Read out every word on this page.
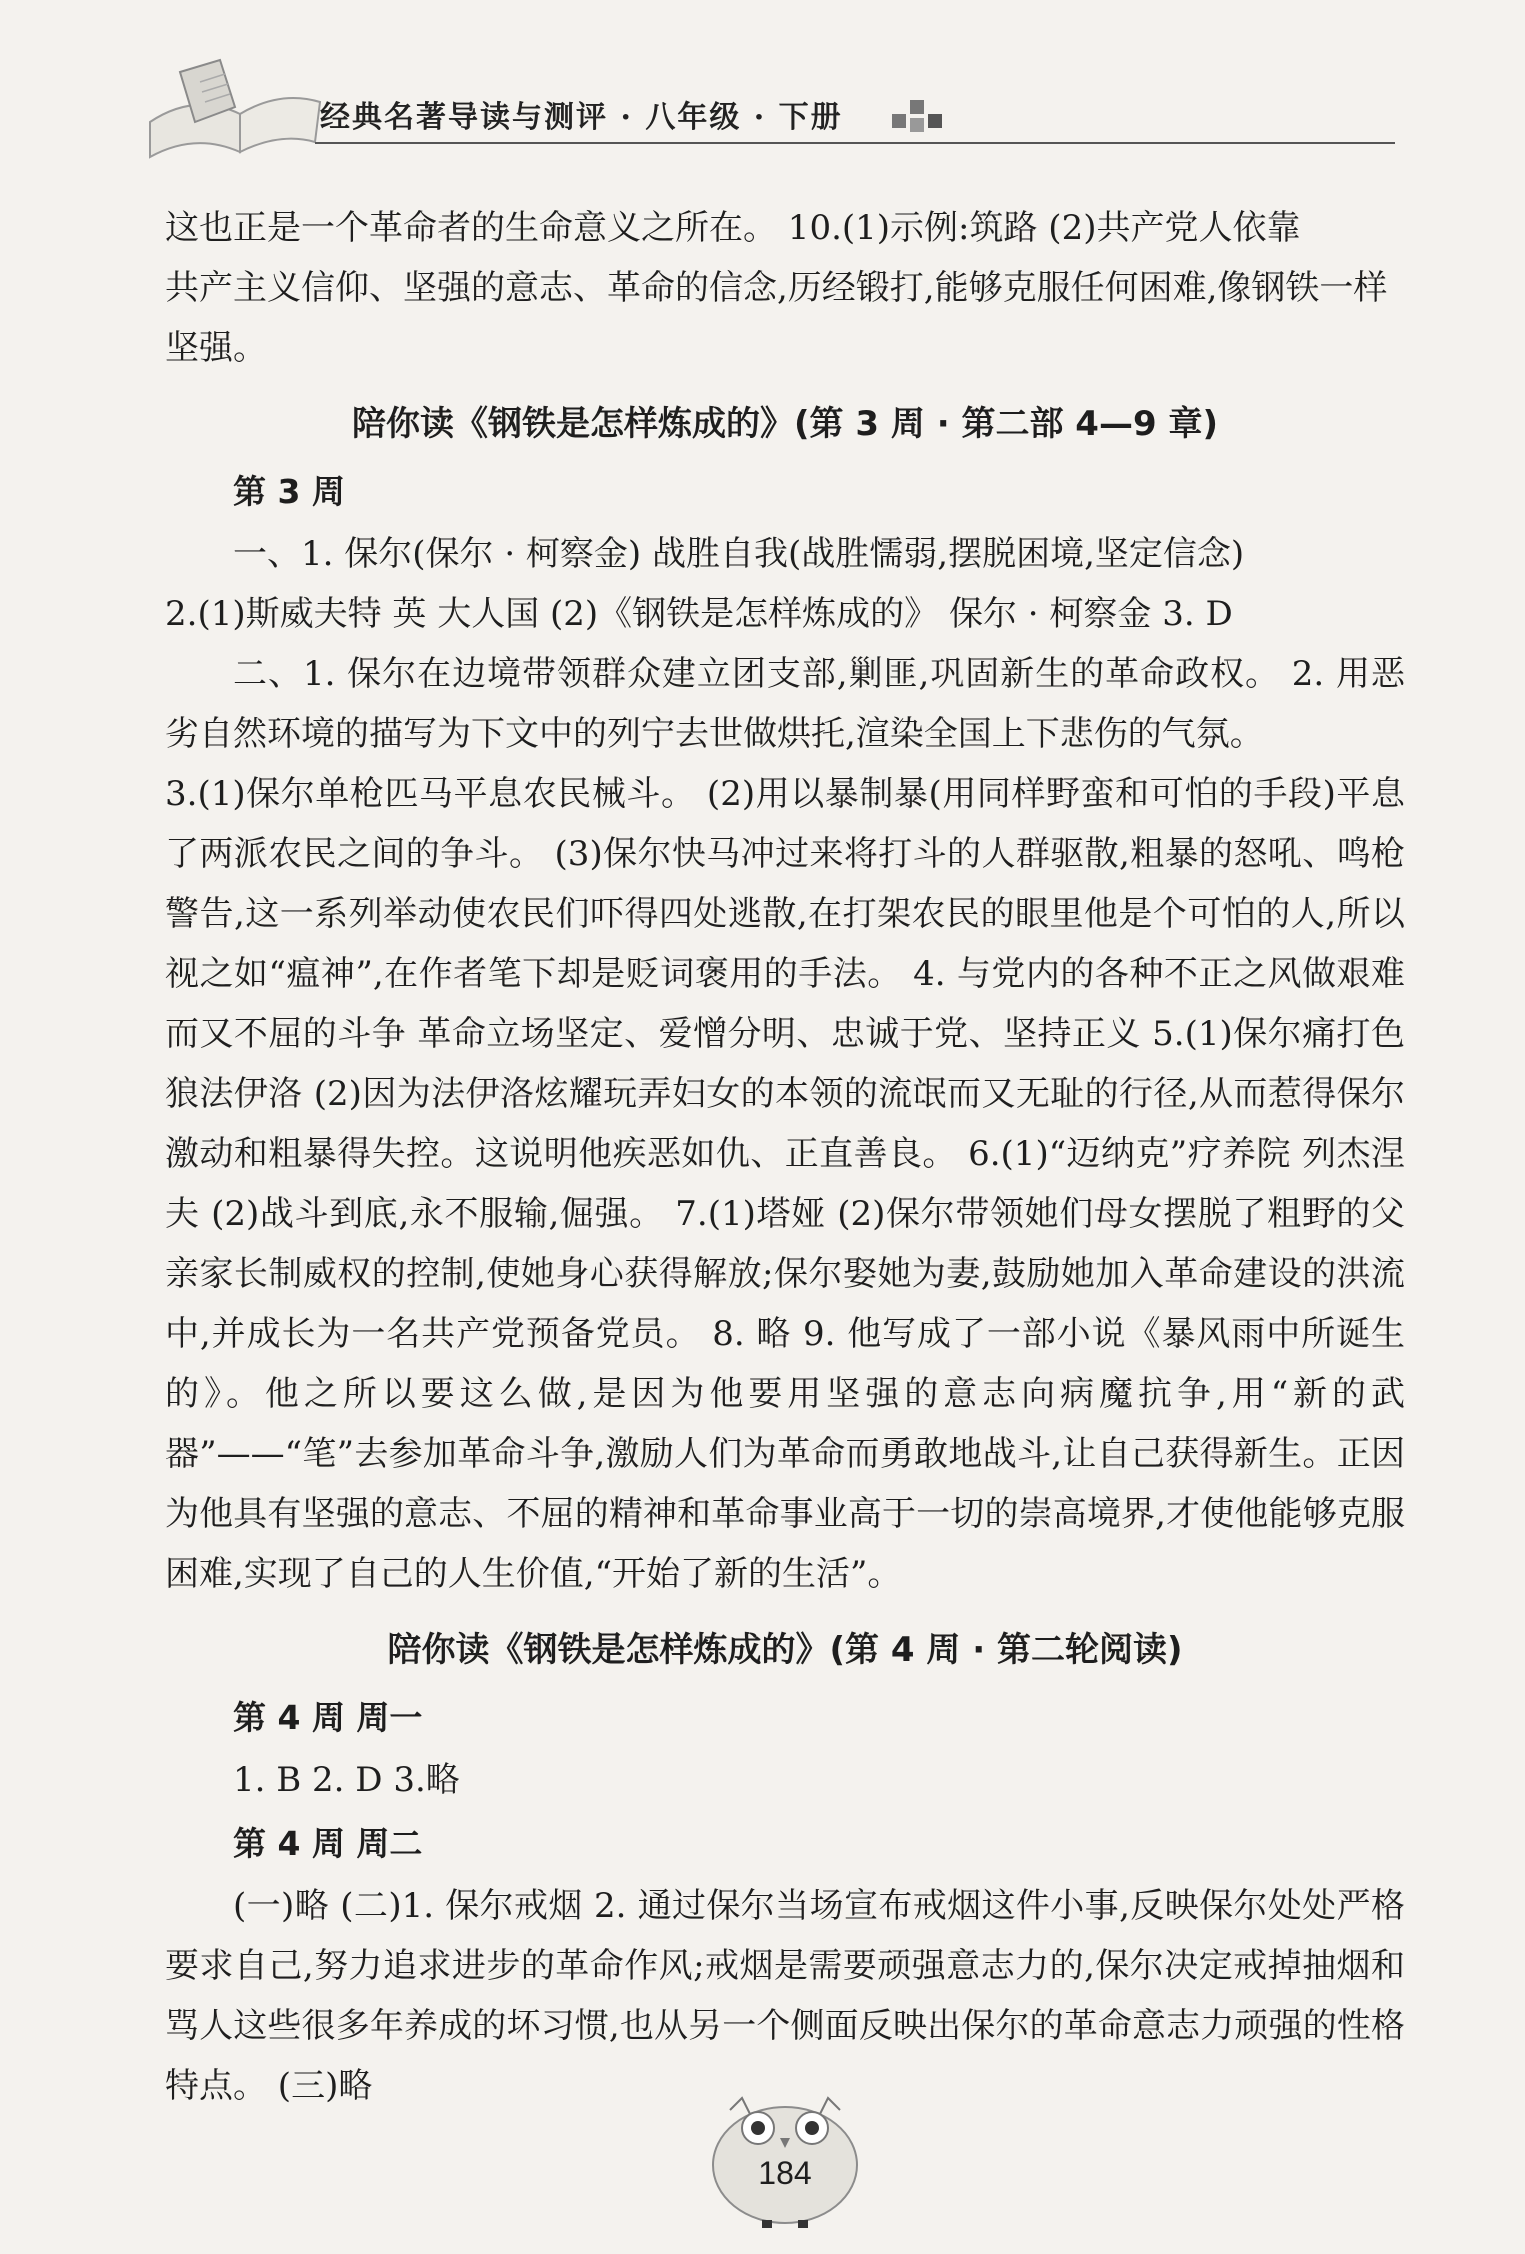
经典名著导读与测评 · 八年级 · 下册

这也正是一个革命者的生命意义之所在。 10.(1)示例:筑路 (2)共产党人依靠

共产主义信仰、坚强的意志、革命的信念,历经锻打,能够克服任何困难,像钢铁一样

坚强。

陪你读《钢铁是怎样炼成的》(第 3 周 · 第二部 4—9 章)
第 3 周

一、1. 保尔(保尔 · 柯察金) 战胜自我(战胜懦弱,摆脱困境,坚定信念)

2.(1)斯威夫特 英 大人国 (2)《钢铁是怎样炼成的》 保尔 · 柯察金 3. D

二、1. 保尔在边境带领群众建立团支部,剿匪,巩固新生的革命政权。 2. 用恶劣自然环境的描写为下文中的列宁去世做烘托,渲染全国上下悲伤的气氛。

3.(1)保尔单枪匹马平息农民械斗。 (2)用以暴制暴(用同样野蛮和可怕的手段)平息了两派农民之间的争斗。 (3)保尔快马冲过来将打斗的人群驱散,粗暴的怒吼、鸣枪警告,这一系列举动使农民们吓得四处逃散,在打架农民的眼里他是个可怕的人,所以视之如“瘟神”,在作者笔下却是贬词褒用的手法。 4. 与党内的各种不正之风做艰难而又不屈的斗争 革命立场坚定、爱憎分明、忠诚于党、坚持正义 5.(1)保尔痛打色狼法伊洛 (2)因为法伊洛炫耀玩弄妇女的本领的流氓而又无耻的行径,从而惹得保尔激动和粗暴得失控。这说明他疾恶如仇、正直善良。 6.(1)“迈纳克”疗养院 列杰涅夫 (2)战斗到底,永不服输,倔强。 7.(1)塔娅 (2)保尔带领她们母女摆脱了粗野的父亲家长制威权的控制,使她身心获得解放;保尔娶她为妻,鼓励她加入革命建设的洪流中,并成长为一名共产党预备党员。 8. 略 9. 他写成了一部小说《暴风雨中所诞生的》。他之所以要这么做,是因为他要用坚强的意志向病魔抗争,用“新的武器”——“笔”去参加革命斗争,激励人们为革命而勇敢地战斗,让自己获得新生。正因为他具有坚强的意志、不屈的精神和革命事业高于一切的崇高境界,才使他能够克服困难,实现了自己的人生价值,“开始了新的生活”。

陪你读《钢铁是怎样炼成的》(第 4 周 · 第二轮阅读)
第 4 周 周一

1. B 2. D 3.略

第 4 周 周二

(一)略 (二)1. 保尔戒烟 2. 通过保尔当场宣布戒烟这件小事,反映保尔处处严格要求自己,努力追求进步的革命作风;戒烟是需要顽强意志力的,保尔决定戒掉抽烟和骂人这些很多年养成的坏习惯,也从另一个侧面反映出保尔的革命意志力顽强的性格特点。 (三)略

184
